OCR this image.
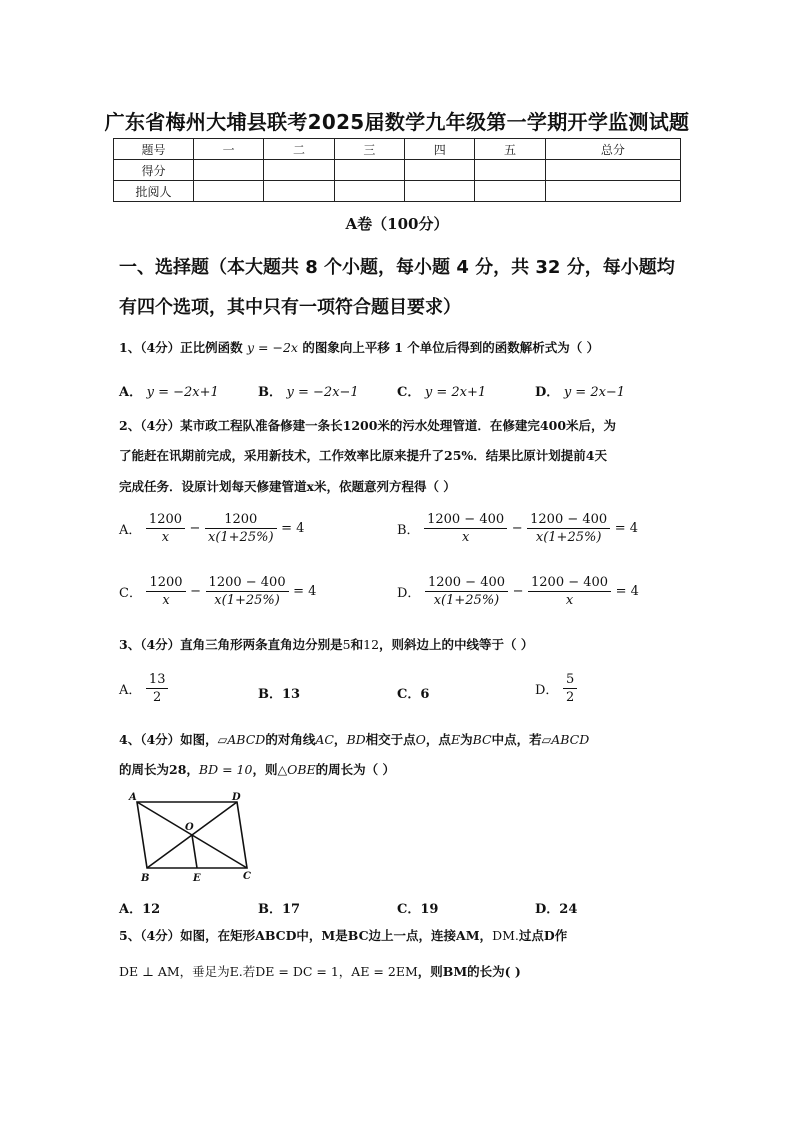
广东省梅州大埔县联考2025届数学九年级第一学期开学监测试题
题号	一	二	三	四	五	总分
得分						
批阅人						
A卷（100分）
一、选择题（本大题共 8 个小题，每小题 4 分，共 32 分，每小题均
有四个选项，其中只有一项符合题目要求）
1、（4分）正比例函数 y = −2x 的图象向上平移 1 个单位后得到的函数解析式为（ ）
A． y = −2x+1	B． y = −2x−1	C． y = 2x+1	D． y = 2x−1
2、（4分）某市政工程队准备修建一条长1200米的污水处理管道．在修建完400米后，为
了能赶在讯期前完成，采用新技术，工作效率比原来提升了25%．结果比原计划提前4天
完成任务．设原计划每天修建管道x米，依题意列方程得（ ）
A． $\frac{1200}{x} - \frac{1200}{x(1+25\%)} = 4$	B． $\frac{1200 - 400}{x} - \frac{1200 - 400}{x(1+25\%)} = 4$
C． $\frac{1200}{x} - \frac{1200 - 400}{x(1+25\%)} = 4$	D． $\frac{1200 - 400}{x(1+25\%)} - \frac{1200 - 400}{x} = 4$
3、（4分）直角三角形两条直角边分别是5和12，则斜边上的中线等于（ ）
A． $\frac{13}{2}$	B．13	C．6	D． $\frac{5}{2}$
4、（4分）如图，▱ABCD的对角线AC，BD相交于点O，点E为BC中点，若▱ABCD
的周长为28，BD = 10，则△OBE的周长为（ ）
A	D
O
B	E	C
A．12	B．17	C．19	D．24
5、（4分）如图，在矩形ABCD中，M是BC边上一点，连接AM，DM.过点D作
DE ⊥ AM，垂足为E.若DE = DC = 1，AE = 2EM，则BM的长为( )
